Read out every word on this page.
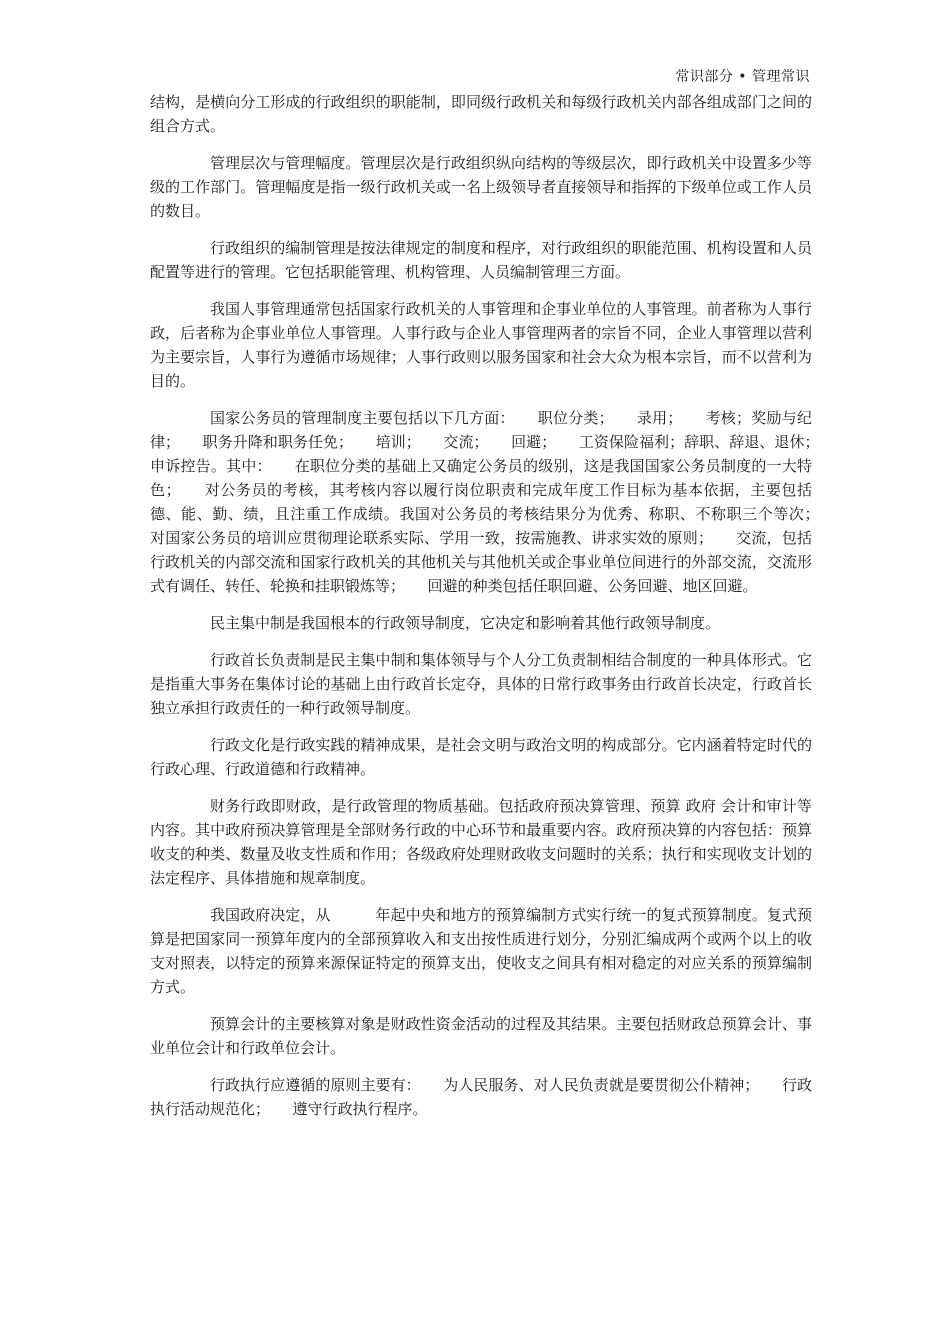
常识部分 • 管理常识

结构，是横向分工形成的行政组织的职能制，即同级行政机关和每级行政机关内部各组成部门之间的组合方式。

管理层次与管理幅度。管理层次是行政组织纵向结构的等级层次，即行政机关中设置多少等级的工作部门。管理幅度是指一级行政机关或一名上级领导者直接领导和指挥的下级单位或工作人员的数目。

行政组织的编制管理是按法律规定的制度和程序，对行政组织的职能范围、机构设置和人员配置等进行的管理。它包括职能管理、机构管理、人员编制管理三方面。

我国人事管理通常包括国家行政机关的人事管理和企事业单位的人事管理。前者称为人事行政，后者称为企事业单位人事管理。人事行政与企业人事管理两者的宗旨不同，企业人事管理以营利为主要宗旨，人事行为遵循市场规律；人事行政则以服务国家和社会大众为根本宗旨，而不以营利为目的。

国家公务员的管理制度主要包括以下几方面：　　职位分类；　　录用；　　考核；奖励与纪律；　　职务升降和职务任免；　　培训；　　交流；　　回避；　　工资保险福利；辞职、辞退、退休；　　申诉控告。其中：　　在职位分类的基础上又确定公务员的级别，这是我国国家公务员制度的一大特色；　　对公务员的考核，其考核内容以履行岗位职责和完成年度工作目标为基本依据，主要包括德、能、勤、绩，且注重工作成绩。我国对公务员的考核结果分为优秀、称职、不称职三个等次；　　对国家公务员的培训应贯彻理论联系实际、学用一致，按需施教、讲求实效的原则；　　交流，包括行政机关的内部交流和国家行政机关的其他机关与其他机关或企事业单位间进行的外部交流，交流形式有调任、转任、轮换和挂职锻炼等；　　回避的种类包括任职回避、公务回避、地区回避。

民主集中制是我国根本的行政领导制度，它决定和影响着其他行政领导制度。

行政首长负责制是民主集中制和集体领导与个人分工负责制相结合制度的一种具体形式。它是指重大事务在集体讨论的基础上由行政首长定夺，具体的日常行政事务由行政首长决定，行政首长独立承担行政责任的一种行政领导制度。

行政文化是行政实践的精神成果，是社会文明与政治文明的构成部分。它内涵着特定时代的行政心理、行政道德和行政精神。

财务行政即财政，是行政管理的物质基础。包括政府预决算管理、预算 政府 会计和审计等内容。其中政府预决算管理是全部财务行政的中心环节和最重要内容。政府预决算的内容包括：预算收支的种类、数量及收支性质和作用；各级政府处理财政收支问题时的关系；执行和实现收支计划的法定程序、具体措施和规章制度。

我国政府决定，从　　　年起中央和地方的预算编制方式实行统一的复式预算制度。复式预算是把国家同一预算年度内的全部预算收入和支出按性质进行划分，分别汇编成两个或两个以上的收支对照表，以特定的预算来源保证特定的预算支出，使收支之间具有相对稳定的对应关系的预算编制方式。

预算会计的主要核算对象是财政性资金活动的过程及其结果。主要包括财政总预算会计、事业单位会计和行政单位会计。

行政执行应遵循的原则主要有：　　为人民服务、对人民负责就是要贯彻公仆精神；　　行政执行活动规范化；　　遵守行政执行程序。
